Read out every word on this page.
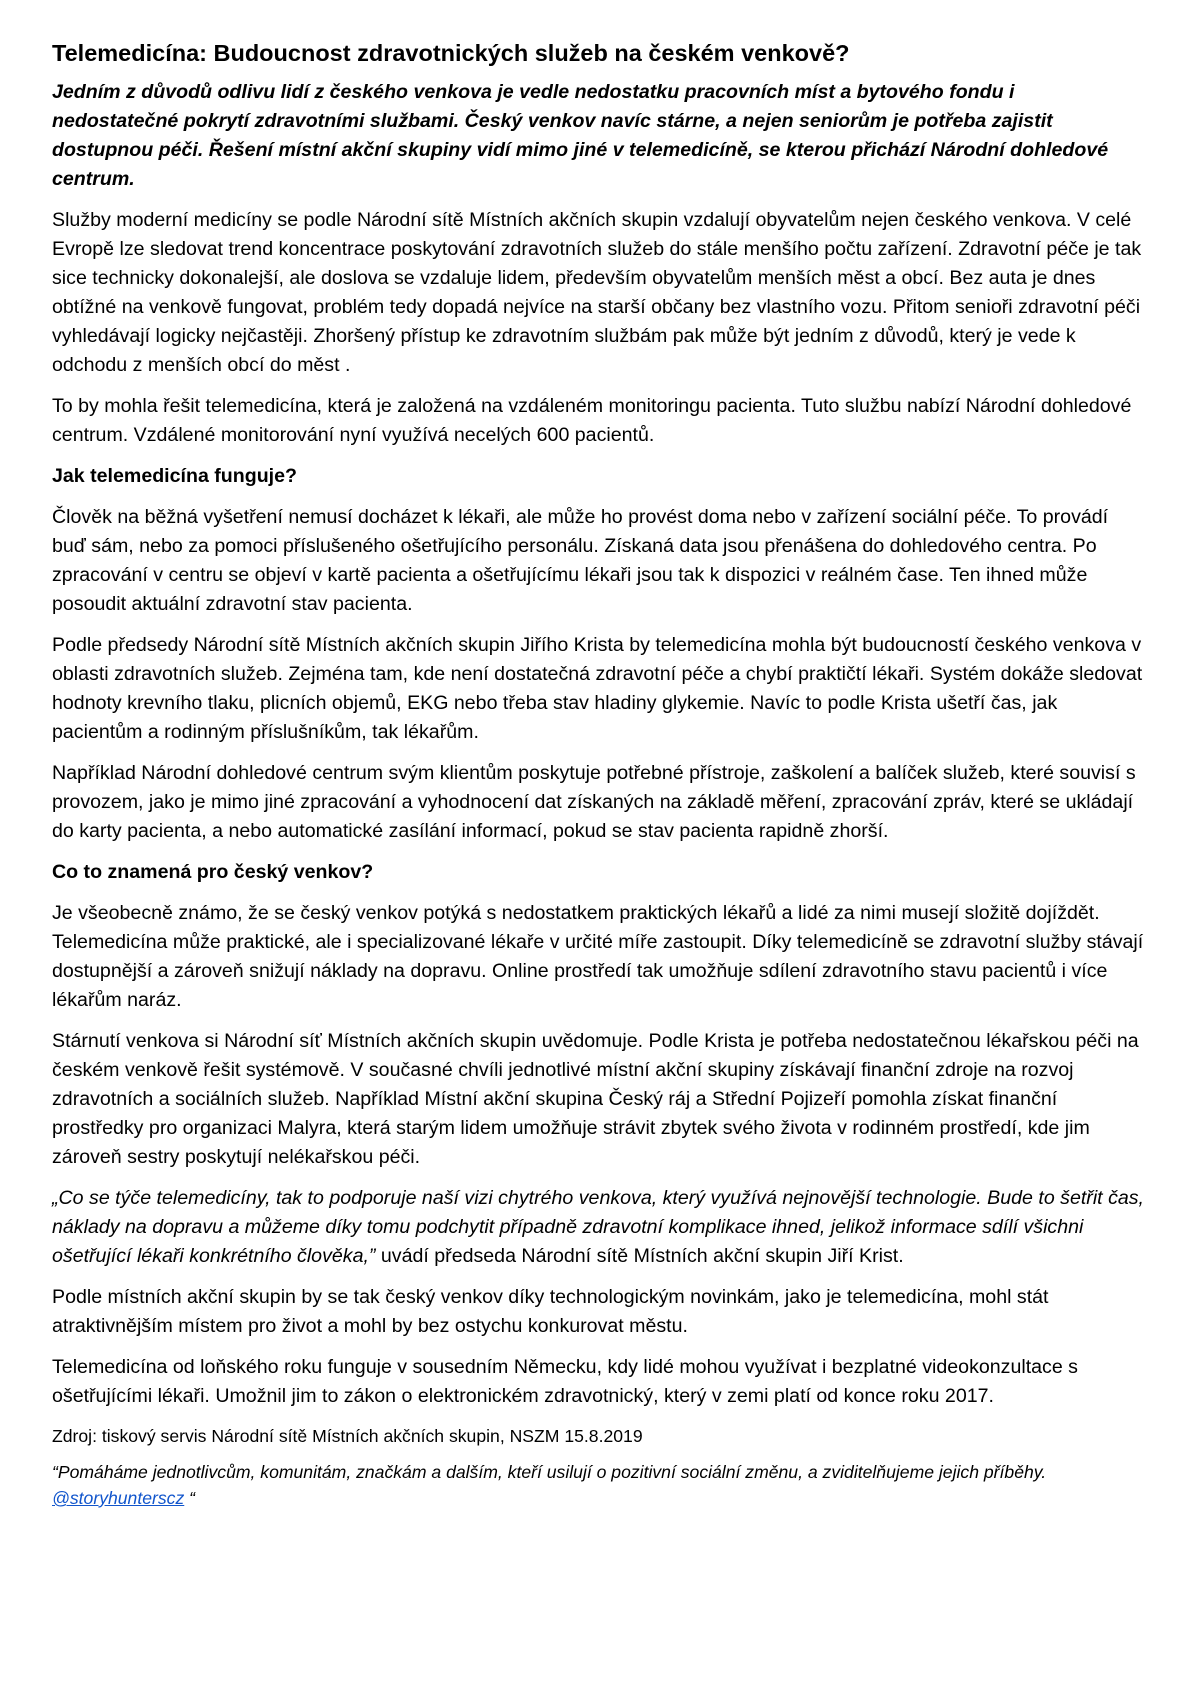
Telemedicína: Budoucnost zdravotnických služeb na českém venkově?

Jedním z důvodů odlivu lidí z českého venkova je vedle nedostatku pracovních míst a bytového fondu i nedostatečné pokrytí zdravotními službami. Český venkov navíc stárne, a nejen seniorům je potřeba zajistit dostupnou péči. Řešení místní akční skupiny vidí mimo jiné v telemedicíně, se kterou přichází Národní dohledové centrum.

Služby moderní medicíny se podle Národní sítě Místních akčních skupin vzdalují obyvatelům nejen českého venkova. V celé Evropě lze sledovat trend koncentrace poskytování zdravotních služeb do stále menšího počtu zařízení. Zdravotní péče je tak sice technicky dokonalejší, ale doslova se vzdaluje lidem, především obyvatelům menších měst a obcí. Bez auta je dnes obtížné na venkově fungovat, problém tedy dopadá nejvíce na starší občany bez vlastního vozu. Přitom senioři zdravotní péči vyhledávají logicky nejčastěji. Zhoršený přístup ke zdravotním službám pak může být jedním z důvodů, který je vede k odchodu z menších obcí do měst .

To by mohla řešit telemedicína, která je založená na vzdáleném monitoringu pacienta. Tuto službu nabízí Národní dohledové centrum. Vzdálené monitorování nyní využívá necelých 600 pacientů.

Jak telemedicína funguje?

Člověk na běžná vyšetření nemusí docházet k lékaři, ale může ho provést doma nebo v zařízení sociální péče. To provádí buď sám, nebo za pomoci příslušeného ošetřujícího personálu. Získaná data jsou přenášena do dohledového centra. Po zpracování v centru se objeví v kartě pacienta a ošetřujícímu lékaři jsou tak k dispozici v reálném čase. Ten ihned může posoudit aktuální zdravotní stav pacienta.

Podle předsedy Národní sítě Místních akčních skupin Jiřího Krista by telemedicína mohla být budoucností českého venkova v oblasti zdravotních služeb. Zejména tam, kde není dostatečná zdravotní péče a chybí praktičtí lékaři. Systém dokáže sledovat hodnoty krevního tlaku, plicních objemů, EKG nebo třeba stav hladiny glykemie. Navíc to podle Krista ušetří čas, jak pacientům a rodinným příslušníkům, tak lékařům.

Například Národní dohledové centrum svým klientům poskytuje potřebné přístroje, zaškolení a balíček služeb, které souvisí s provozem, jako je mimo jiné zpracování a vyhodnocení dat získaných na základě měření, zpracování zpráv, které se ukládají do karty pacienta, a nebo automatické zasílání informací, pokud se stav pacienta rapidně zhorší.

Co to znamená pro český venkov?

Je všeobecně známo, že se český venkov potýká s nedostatkem praktických lékařů a lidé za nimi musejí složitě dojíždět. Telemedicína může praktické, ale i specializované lékaře v určité míře zastoupit. Díky telemedicíně se zdravotní služby stávají dostupnější a zároveň snižují náklady na dopravu. Online prostředí tak umožňuje sdílení zdravotního stavu pacientů i více lékařům naráz.

Stárnutí venkova si Národní síť Místních akčních skupin uvědomuje. Podle Krista je potřeba nedostatečnou lékařskou péči na českém venkově řešit systémově. V současné chvíli jednotlivé místní akční skupiny získávají finanční zdroje na rozvoj zdravotních a sociálních služeb. Například Místní akční skupina Český ráj a Střední Pojizeří pomohla získat finanční prostředky pro organizaci Malyra, která starým lidem umožňuje strávit zbytek svého života v rodinném prostředí, kde jim zároveň sestry poskytují nelékařskou péči.

„Co se týče telemedicíny, tak to podporuje naší vizi chytrého venkova, který využívá nejnovější technologie. Bude to šetřit čas, náklady na dopravu a můžeme díky tomu podchytit případně zdravotní komplikace ihned, jelikož informace sdílí všichni ošetřující lékaři konkrétního člověka,” uvádí předseda Národní sítě Místních akční skupin Jiří Krist.

Podle místních akční skupin by se tak český venkov díky technologickým novinkám, jako je telemedicína, mohl stát atraktivnějším místem pro život a mohl by bez ostychu konkurovat městu.

Telemedicína od loňského roku funguje v sousedním Německu, kdy lidé mohou využívat i bezplatné videokonzultace s ošetřujícími lékaři. Umožnil jim to zákon o elektronickém zdravotnický, který v zemi platí od konce roku 2017.

Zdroj: tiskový servis Národní sítě Místních akčních skupin, NSZM 15.8.2019

“Pomáháme jednotlivcům, komunitám, značkám a dalším, kteří usilují o pozitivní sociální změnu, a zviditelňujeme jejich příběhy. @storyhunterscz “
